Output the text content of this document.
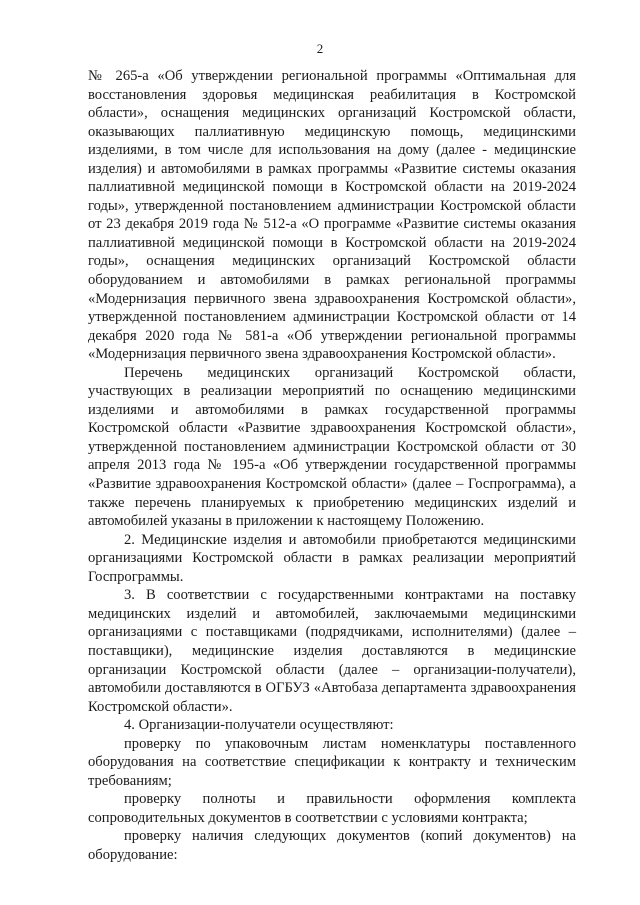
2

№ 265-а «Об утверждении региональной программы «Оптимальная для восстановления здоровья медицинская реабилитация в Костромской области», оснащения медицинских организаций Костромской области, оказывающих паллиативную медицинскую помощь, медицинскими изделиями, в том числе для использования на дому (далее - медицинские изделия) и автомобилями в рамках программы «Развитие системы оказания паллиативной медицинской помощи в Костромской области на 2019-2024 годы», утвержденной постановлением администрации Костромской области от 23 декабря 2019 года № 512-а «О программе «Развитие системы оказания паллиативной медицинской помощи в Костромской области на 2019-2024 годы», оснащения медицинских организаций Костромской области оборудованием и автомобилями в рамках региональной программы «Модернизация первичного звена здравоохранения Костромской области», утвержденной постановлением администрации Костромской области от 14 декабря 2020 года № 581-а «Об утверждении региональной программы «Модернизация первичного звена здравоохранения Костромской области».

Перечень медицинских организаций Костромской области, участвующих в реализации мероприятий по оснащению медицинскими изделиями и автомобилями в рамках государственной программы Костромской области «Развитие здравоохранения Костромской области», утвержденной постановлением администрации Костромской области от 30 апреля 2013 года № 195-а «Об утверждении государственной программы «Развитие здравоохранения Костромской области» (далее – Госпрограмма), а также перечень планируемых к приобретению медицинских изделий и автомобилей указаны в приложении к настоящему Положению.

2. Медицинские изделия и автомобили приобретаются медицинскими организациями Костромской области в рамках реализации мероприятий Госпрограммы.

3. В соответствии с государственными контрактами на поставку медицинских изделий и автомобилей, заключаемыми медицинскими организациями с поставщиками (подрядчиками, исполнителями) (далее – поставщики), медицинские изделия доставляются в медицинские организации Костромской области (далее – организации-получатели), автомобили доставляются в ОГБУЗ «Автобаза департамента здравоохранения Костромской области».

4. Организации-получатели осуществляют:

проверку по упаковочным листам номенклатуры поставленного оборудования на соответствие спецификации к контракту и техническим требованиям;

проверку полноты и правильности оформления комплекта сопроводительных документов в соответствии с условиями контракта;

проверку наличия следующих документов (копий документов) на оборудование:
